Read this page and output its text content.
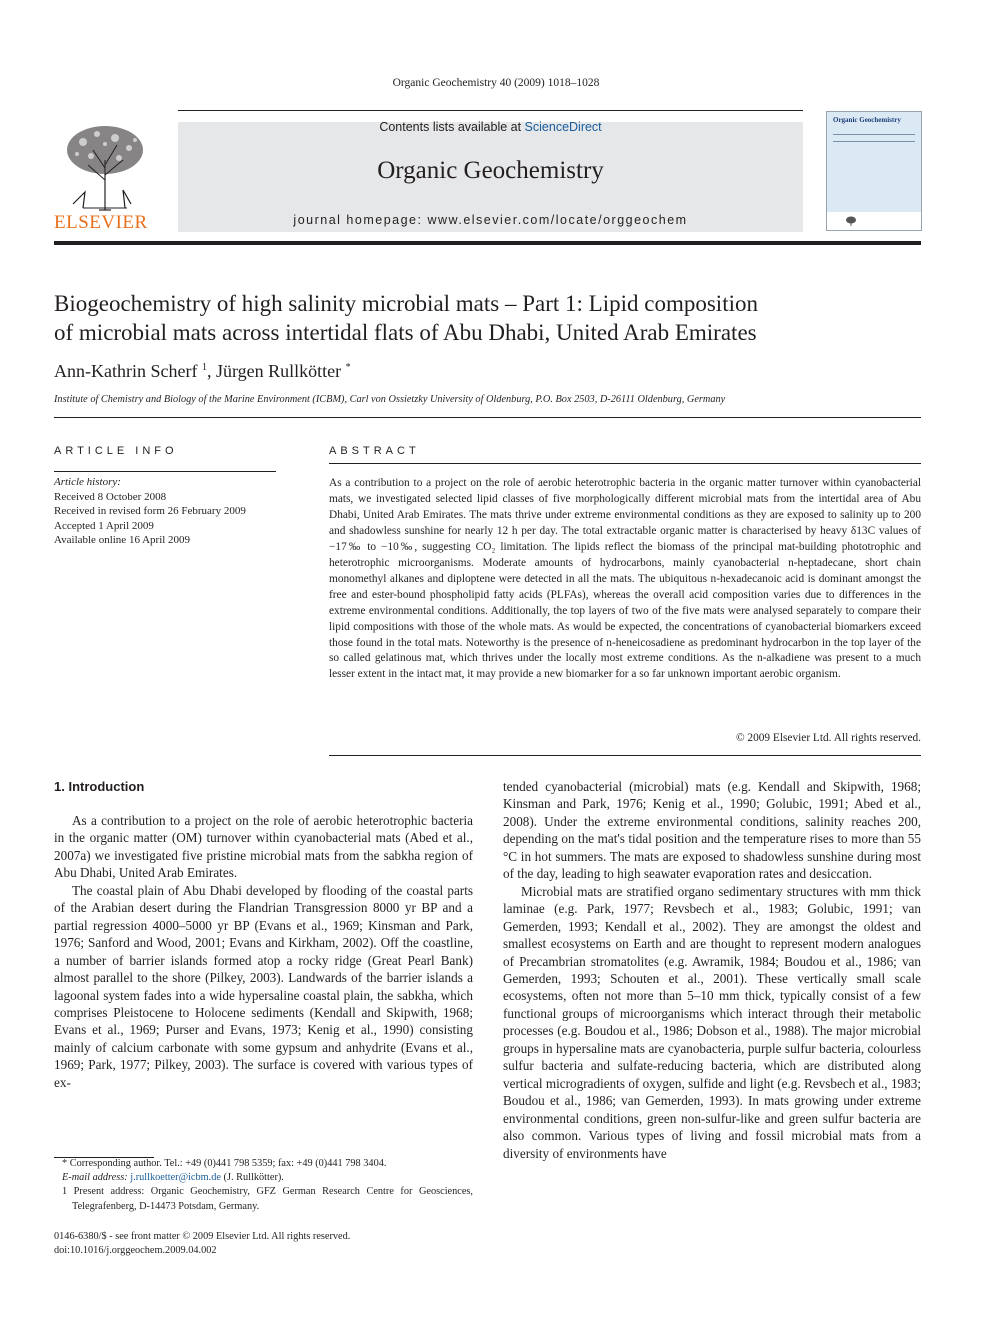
Organic Geochemistry 40 (2009) 1018–1028
ELSEVIER
Contents lists available at ScienceDirect
Organic Geochemistry
journal homepage: www.elsevier.com/locate/orggeochem
Organic Geochemistry
Biogeochemistry of high salinity microbial mats – Part 1: Lipid composition
of microbial mats across intertidal flats of Abu Dhabi, United Arab Emirates
Ann-Kathrin Scherf $^1$, Jürgen Rullkötter *
Institute of Chemistry and Biology of the Marine Environment (ICBM), Carl von Ossietzky University of Oldenburg, P.O. Box 2503, D-26111 Oldenburg, Germany
ARTICLE INFO
Article history:
Received 8 October 2008
Received in revised form 26 February 2009
Accepted 1 April 2009
Available online 16 April 2009
ABSTRACT
As a contribution to a project on the role of aerobic heterotrophic bacteria in the organic matter turnover within cyanobacterial mats, we investigated selected lipid classes of five morphologically different microbial mats from the intertidal area of Abu Dhabi, United Arab Emirates. The mats thrive under extreme environmental conditions as they are exposed to salinity up to 200 and shadowless sunshine for nearly 12 h per day. The total extractable organic matter is characterised by heavy δ13C values of −17‰ to −10‰, suggesting CO₂ limitation. The lipids reflect the biomass of the principal mat-building phototrophic and heterotrophic microorganisms. Moderate amounts of hydrocarbons, mainly cyanobacterial n-heptadecane, short chain monomethyl alkanes and diploptene were detected in all the mats. The ubiquitous n-hexadecanoic acid is dominant amongst the free and ester-bound phospholipid fatty acids (PLFAs), whereas the overall acid composition varies due to differences in the extreme environmental conditions. Additionally, the top layers of two of the five mats were analysed separately to compare their lipid compositions with those of the whole mats. As would be expected, the concentrations of cyanobacterial biomarkers exceed those found in the total mats. Noteworthy is the presence of n-heneicosadiene as predominant hydrocarbon in the top layer of the so called gelatinous mat, which thrives under the locally most extreme conditions. As the n-alkadiene was present to a much lesser extent in the intact mat, it may provide a new biomarker for a so far unknown important aerobic organism.
© 2009 Elsevier Ltd. All rights reserved.
1. Introduction

As a contribution to a project on the role of aerobic heterotrophic bacteria in the organic matter (OM) turnover within cyanobacterial mats (Abed et al., 2007a) we investigated five pristine microbial mats from the sabkha region of Abu Dhabi, United Arab Emirates.

The coastal plain of Abu Dhabi developed by flooding of the coastal parts of the Arabian desert during the Flandrian Transgression 8000 yr BP and a partial regression 4000–5000 yr BP (Evans et al., 1969; Kinsman and Park, 1976; Sanford and Wood, 2001; Evans and Kirkham, 2002). Off the coastline, a number of barrier islands formed atop a rocky ridge (Great Pearl Bank) almost parallel to the shore (Pilkey, 2003). Landwards of the barrier islands a lagoonal system fades into a wide hypersaline coastal plain, the sabkha, which comprises Pleistocene to Holocene sediments (Kendall and Skipwith, 1968; Evans et al., 1969; Purser and Evans, 1973; Kenig et al., 1990) consisting mainly of calcium carbonate with some gypsum and anhydrite (Evans et al., 1969; Park, 1977; Pilkey, 2003). The surface is covered with various types of ex-

tended cyanobacterial (microbial) mats (e.g. Kendall and Skipwith, 1968; Kinsman and Park, 1976; Kenig et al., 1990; Golubic, 1991; Abed et al., 2008). Under the extreme environmental conditions, salinity reaches 200, depending on the mat's tidal position and the temperature rises to more than 55 °C in hot summers. The mats are exposed to shadowless sunshine during most of the day, leading to high seawater evaporation rates and desiccation.

Microbial mats are stratified organo sedimentary structures with mm thick laminae (e.g. Park, 1977; Revsbech et al., 1983; Golubic, 1991; van Gemerden, 1993; Kendall et al., 2002). They are amongst the oldest and smallest ecosystems on Earth and are thought to represent modern analogues of Precambrian stromatolites (e.g. Awramik, 1984; Boudou et al., 1986; van Gemerden, 1993; Schouten et al., 2001). These vertically small scale ecosystems, often not more than 5–10 mm thick, typically consist of a few functional groups of microorganisms which interact through their metabolic processes (e.g. Boudou et al., 1986; Dobson et al., 1988). The major microbial groups in hypersaline mats are cyanobacteria, purple sulfur bacteria, colourless sulfur bacteria and sulfate-reducing bacteria, which are distributed along vertical microgradients of oxygen, sulfide and light (e.g. Revsbech et al., 1983; Boudou et al., 1986; van Gemerden, 1993). In mats growing under extreme environmental conditions, green non-sulfur-like and green sulfur bacteria are also common. Various types of living and fossil microbial mats from a diversity of environments have

* Corresponding author. Tel.: +49 (0)441 798 5359; fax: +49 (0)441 798 3404.

E-mail address: j.rullkoetter@icbm.de (J. Rullkötter).

1 Present address: Organic Geochemistry, GFZ German Research Centre for Geosciences, Telegrafenberg, D-14473 Potsdam, Germany.

0146-6380/$ - see front matter © 2009 Elsevier Ltd. All rights reserved.
doi:10.1016/j.orggeochem.2009.04.002
